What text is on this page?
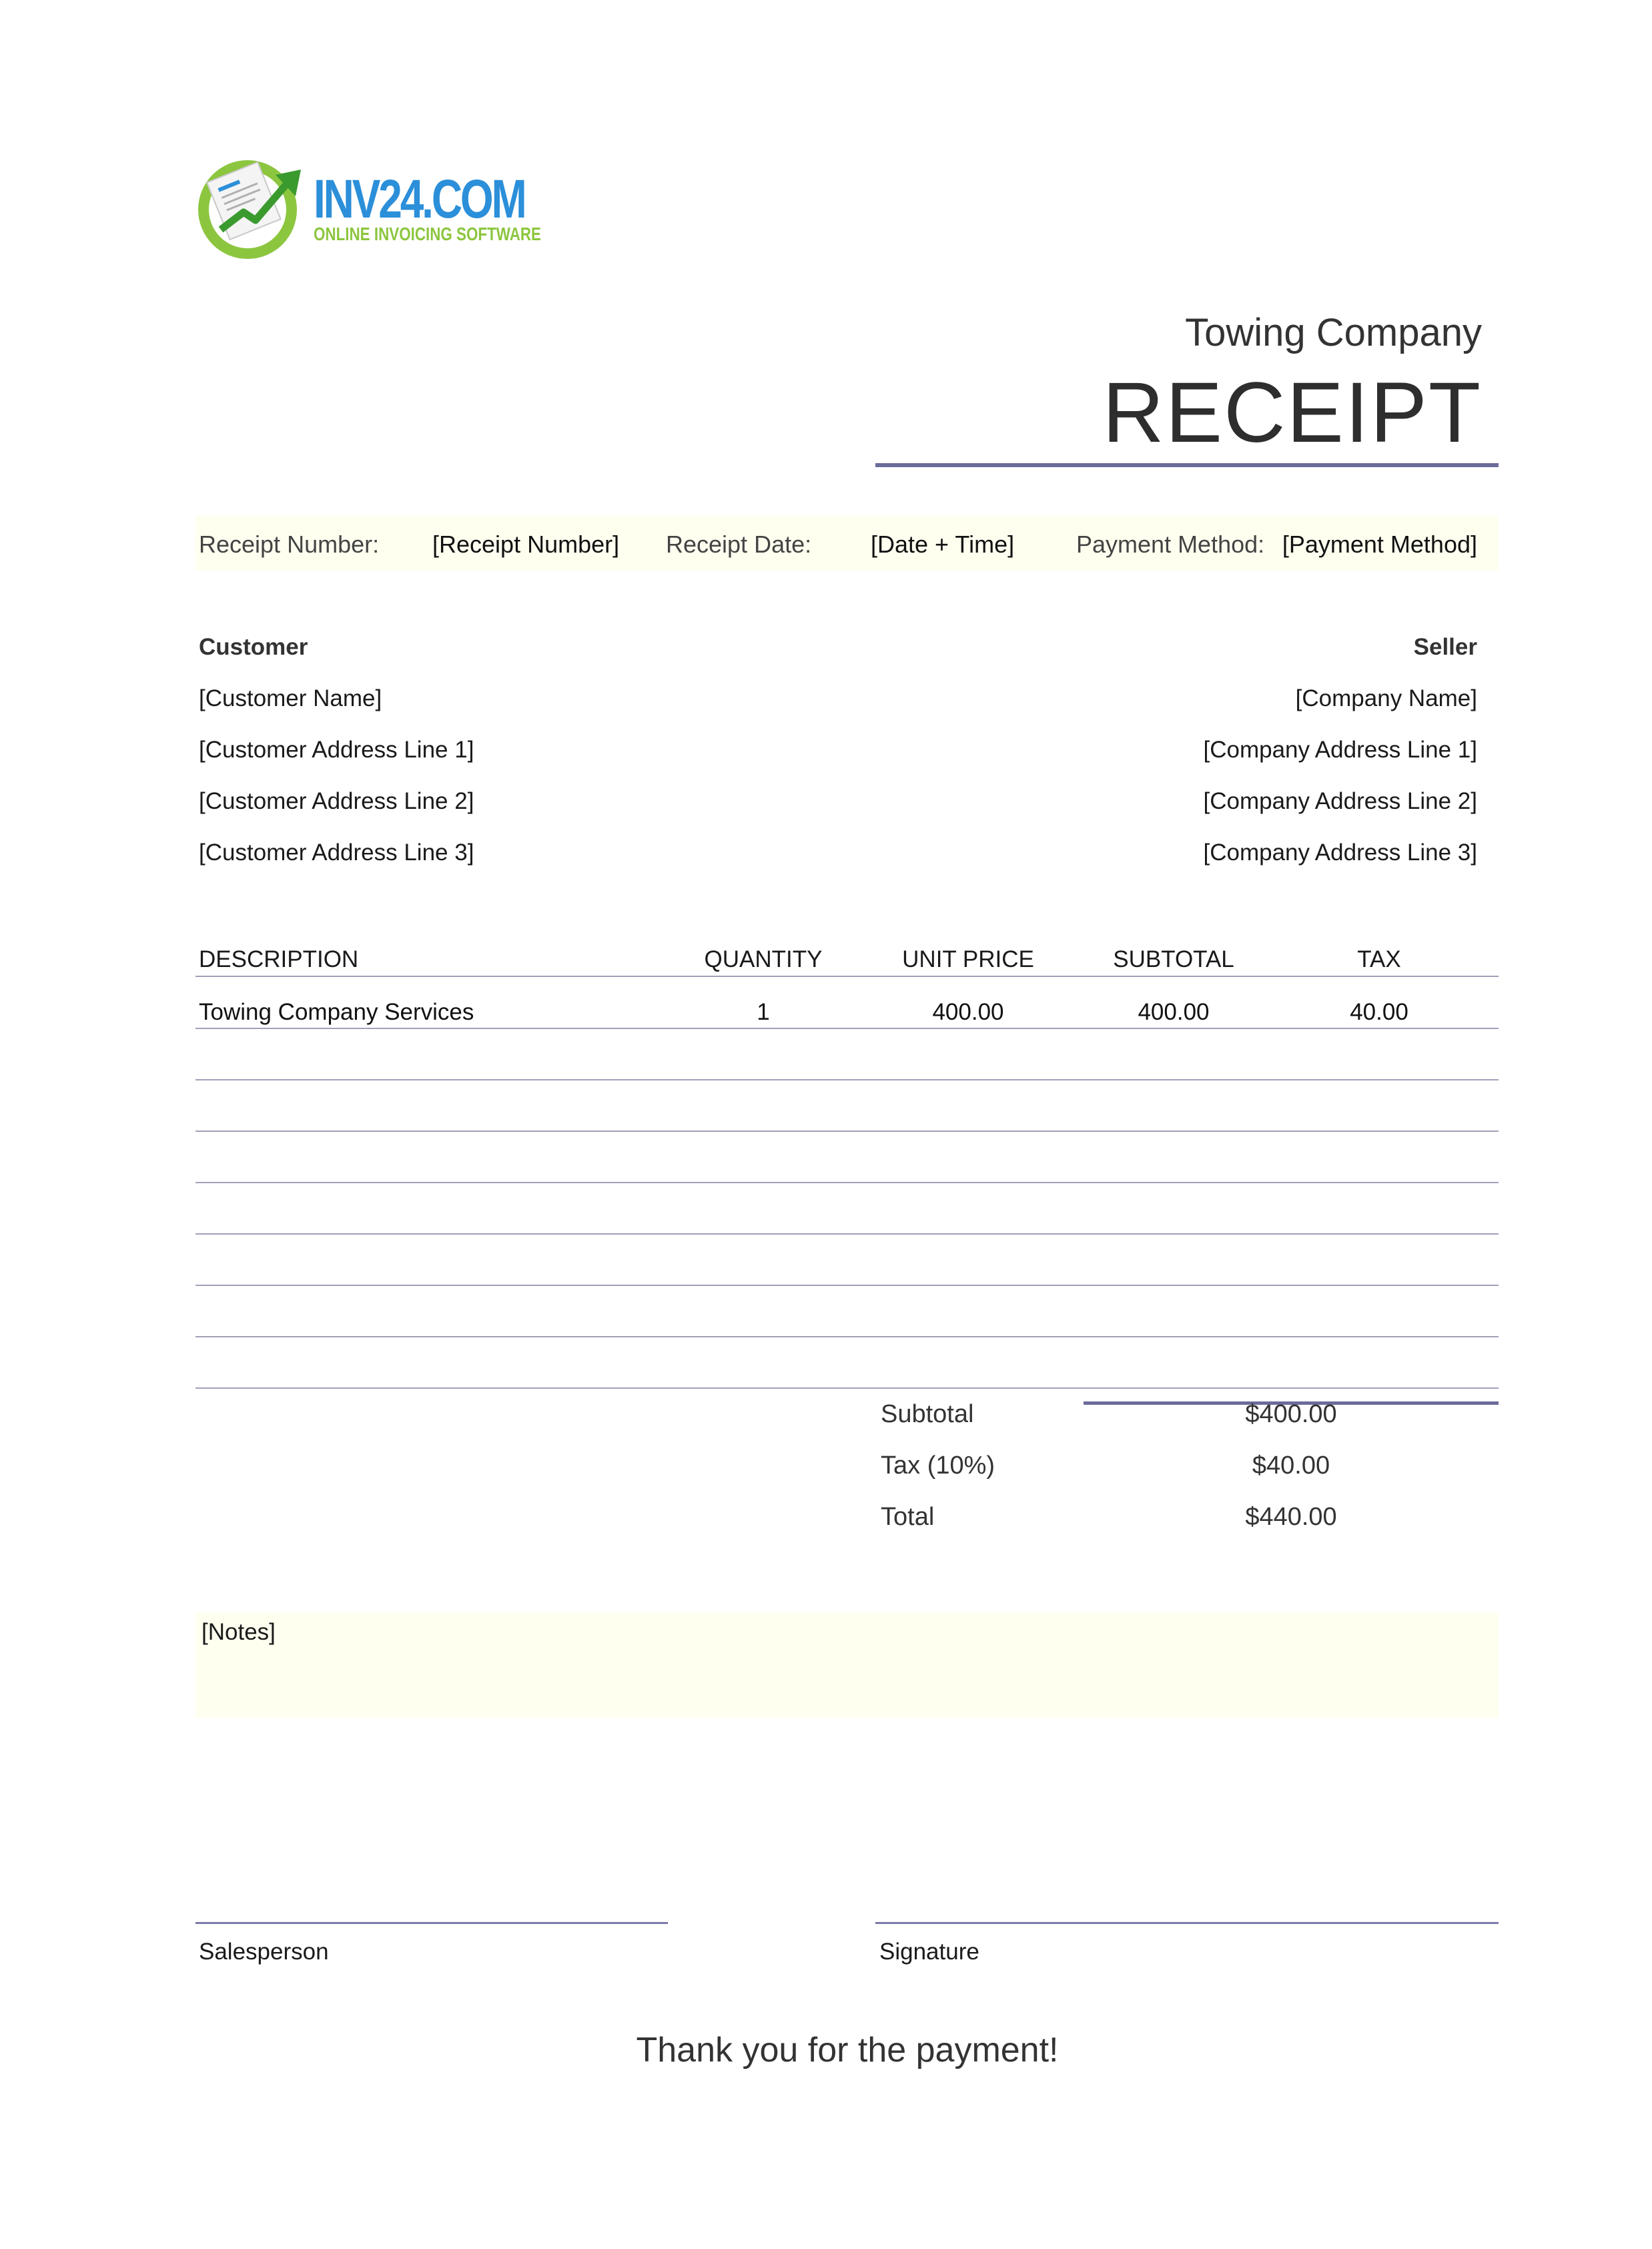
INV24.COM
ONLINE INVOICING SOFTWARE
Towing Company
RECEIPT
Receipt Number: [Receipt Number] Receipt Date: [Date + Time]	Payment Method: [Payment Method]
Customer
[Customer Name]
[Customer Address Line 1]
[Customer Address Line 2]
[Customer Address Line 3]
Seller
[Company Name]
[Company Address Line 1]
[Company Address Line 2]
[Company Address Line 3]
DESCRIPTION	QUANTITY	UNIT PRICE	SUBTOTAL	TAX
Towing Company Services	1	400.00	400.00	40.00
Subtotal	$400.00
Tax (10%)	$40.00
Total	$440.00
[Notes]
Salesperson	Signature
Thank you for the payment!
